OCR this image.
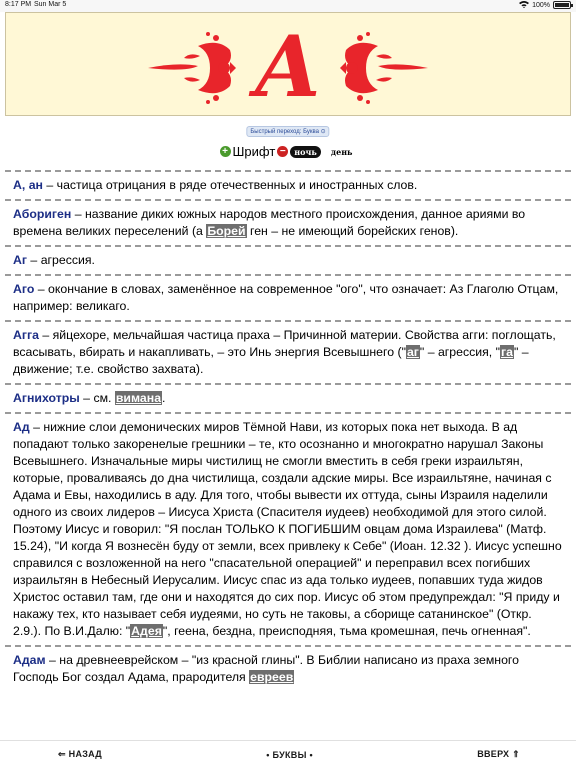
8:17 PM Sun Mar 5	100%
А
Быстрый переход: Буква ⊙
+ Шрифт −	ночь	день
А, ан – частица отрицания в ряде отечественных и иностранных слов.
Абориген – название диких южных народов местного происхождения, данное ариями во времена великих переселений (а Борей ген – не имеющий борейских генов).
Аг – агрессия.
Аго – окончание в словах, заменённое на современное "ого", что означает: Аз Глаголю Отцам, например: великаго.
Агга – яйцехоре, мельчайшая частица праха – Причинной материи. Свойства агги: поглощать, всасывать, вбирать и накапливать, – это Инь энергия Всевышнего ("аг" – агрессия, "га" – движение; т.е. свойство захвата).
Агнихотры – см. вимана.
Ад – нижние слои демонических миров Тёмной Нави, из которых пока нет выхода. В ад попадают только закоренелые грешники – те, кто осознанно и многократно нарушал Законы Всевышнего. Изначальные миры чистилищ не смогли вместить в себя греки израильтян, которые, проваливаясь до дна чистилища, создали адские миры. Все израильтяне, начиная с Адама и Евы, находились в аду. Для того, чтобы вывести их оттуда, сыны Израиля наделили одного из своих лидеров – Иисуса Христа (Спасителя иудеев) необходимой для этого силой. Поэтому Иисус и говорил: "Я послан ТОЛЬКО К ПОГИБШИМ овцам дома Израилева" (Матф. 15.24), "И когда Я вознесён буду от земли, всех привлеку к Себе" (Иоан. 12.32 ). Иисус успешно справился с возложенной на него "спасательной операцией" и переправил всех погибших израильтян в Небесный Иерусалим. Иисус спас из ада только иудеев, попавших туда жидов Христос оставил там, где они и находятся до сих пор. Иисус об этом предупреждал: "Я приду и накажу тех, кто называет себя иудеями, но суть не таковы, а сборище сатанинское" (Откр. 2.9.). По В.И.Далю: "Адея", геена, бездна, преисподняя, тьма кромешная, печь огненная".
Адам – на древнееврейском – "из красной глины". В Библии написано из праха земного Господь Бог создал Адама, прародителя евреев
⇐ НАЗАД	• БУКВЫ •	ВВЕРХ ⇑
